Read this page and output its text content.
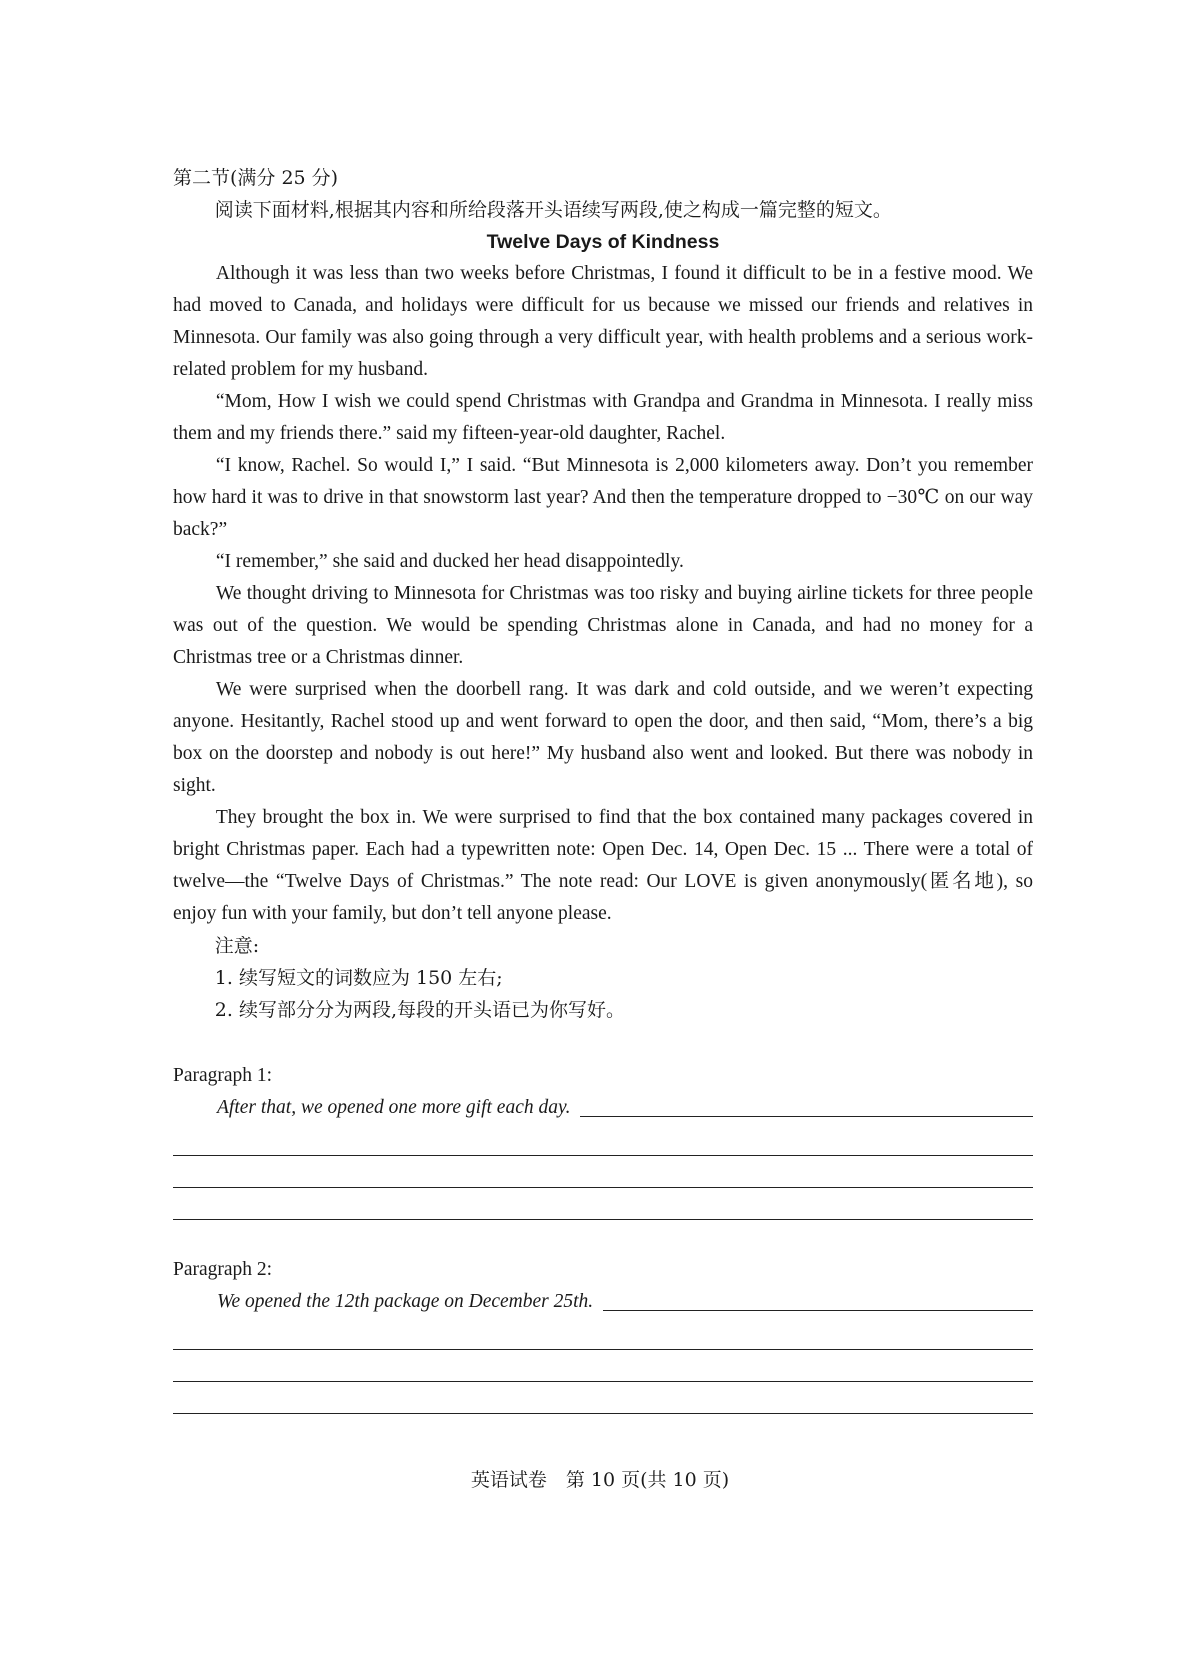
第二节(满分 25 分)

阅读下面材料,根据其内容和所给段落开头语续写两段,使之构成一篇完整的短文。

Twelve Days of Kindness

Although it was less than two weeks before Christmas, I found it difficult to be in a festive mood. We had moved to Canada, and holidays were difficult for us because we missed our friends and relatives in Minnesota. Our family was also going through a very difficult year, with health problems and a serious work-related problem for my husband.

“Mom, How I wish we could spend Christmas with Grandpa and Grandma in Minnesota. I really miss them and my friends there.” said my fifteen-year-old daughter, Rachel.

“I know, Rachel. So would I,” I said. “But Minnesota is 2,000 kilometers away. Don’t you remember how hard it was to drive in that snowstorm last year? And then the temperature dropped to −30℃ on our way back?”

“I remember,” she said and ducked her head disappointedly.

We thought driving to Minnesota for Christmas was too risky and buying airline tickets for three people was out of the question. We would be spending Christmas alone in Canada, and had no money for a Christmas tree or a Christmas dinner.

We were surprised when the doorbell rang. It was dark and cold outside, and we weren’t expecting anyone. Hesitantly, Rachel stood up and went forward to open the door, and then said, “Mom, there’s a big box on the doorstep and nobody is out here!” My husband also went and looked. But there was nobody in sight.

They brought the box in. We were surprised to find that the box contained many packages covered in bright Christmas paper. Each had a typewritten note: Open Dec. 14, Open Dec. 15 ... There were a total of twelve—the “Twelve Days of Christmas.” The note read: Our LOVE is given anonymously(匿名地), so enjoy fun with your family, but don’t tell anyone please.

注意:

1. 续写短文的词数应为 150 左右;

2. 续写部分分为两段,每段的开头语已为你写好。

Paragraph 1:

After that, we opened one more gift each day.

Paragraph 2:

We opened the 12th package on December 25th.
英语试卷　第 10 页(共 10 页)
